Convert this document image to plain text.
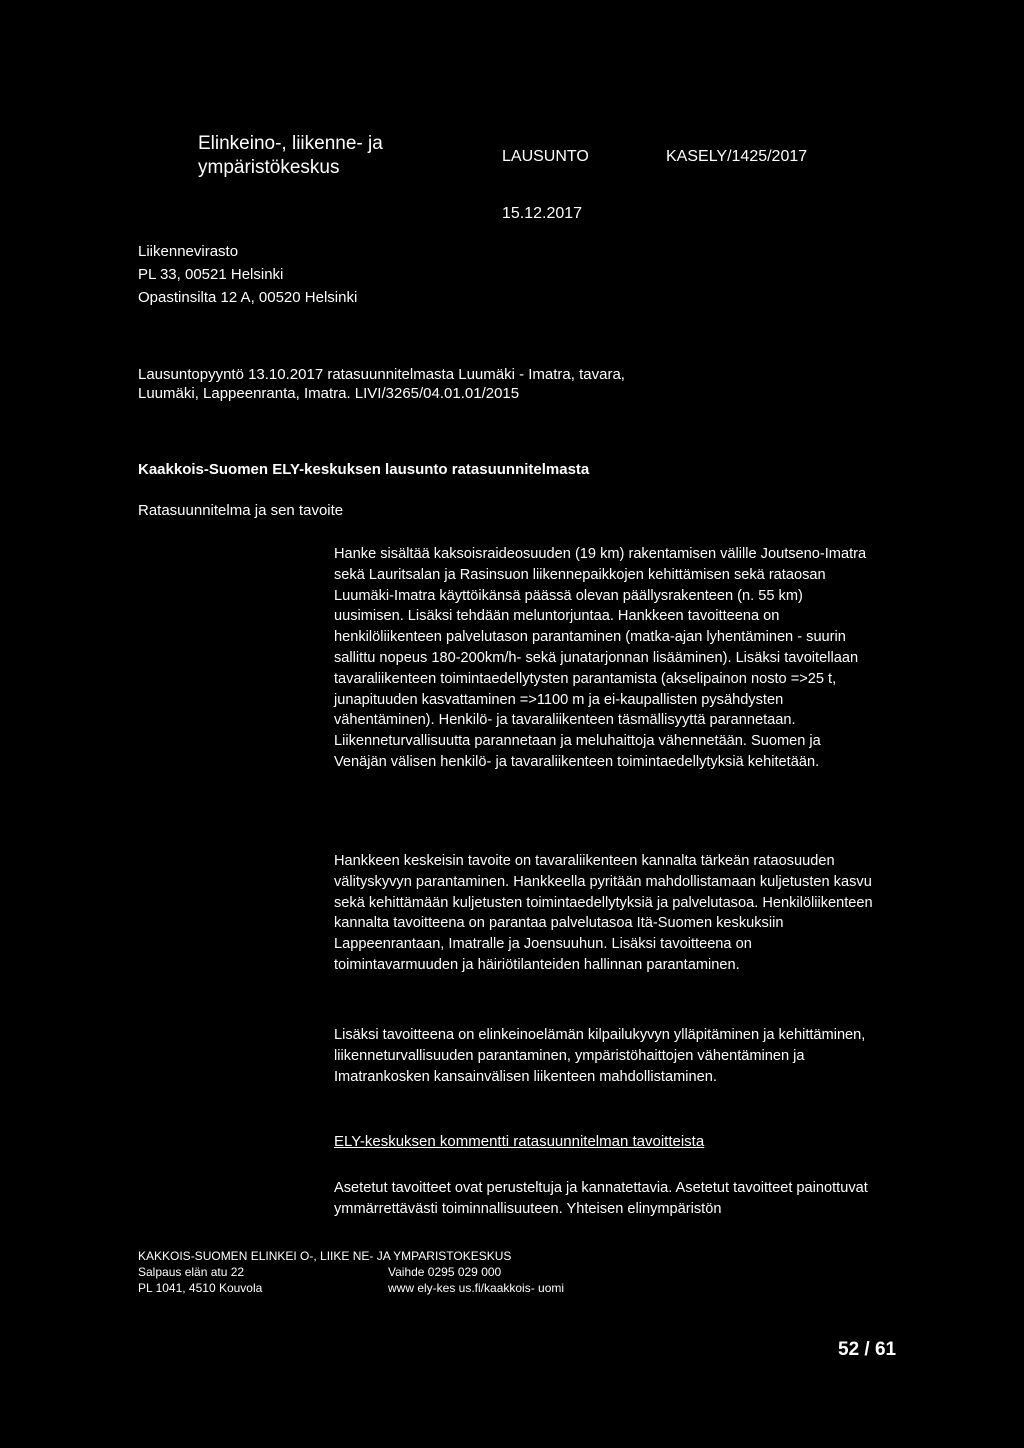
Elinkeino-, liikenne- ja
ympäristökeskus
LAUSUNTO	KASELY/1425/2017
15.12.2017
Liikennevirasto
PL 33, 00521 Helsinki
Opastinsilta 12 A, 00520 Helsinki
Lausuntopyyntö 13.10.2017 ratasuunnitelmasta Luumäki - Imatra, tavara,
Luumäki, Lappeenranta, Imatra. LIVI/3265/04.01.01/2015
Kaakkois-Suomen ELY-keskuksen lausunto ratasuunnitelmasta
Ratasuunnitelma ja sen tavoite
Hanke sisältää kaksoisraideosuuden (19 km) rakentamisen välille Joutseno-Imatra sekä Lauritsalan ja Rasinsuon liikennepaikkojen kehittämisen sekä rataosan Luumäki-Imatra käyttöikänsä päässä olevan päällysrakenteen (n. 55 km) uusimisen. Lisäksi tehdään meluntorjuntaa. Hankkeen tavoitteena on henkilöliikenteen palvelutason parantaminen (matka-ajan lyhentäminen - suurin sallittu nopeus 180-200km/h- sekä junatarjonnan lisääminen). Lisäksi tavoitellaan tavaraliikenteen toimintaedellytysten parantamista (akselipainon nosto =>25 t, junapituuden kasvattaminen =>1100 m ja ei-kaupallisten pysähdysten vähentäminen). Henkilö- ja tavaraliikenteen täsmällisyyttä parannetaan. Liikenneturvallisuutta parannetaan ja meluhaittoja vähennetään. Suomen ja Venäjän välisen henkilö- ja tavaraliikenteen toimintaedellytyksiä kehitetään.
Hankkeen keskeisin tavoite on tavaraliikenteen kannalta tärkeän rataosuuden välityskyvyn parantaminen. Hankkeella pyritään mahdollistamaan kuljetusten kasvu sekä kehittämään kuljetusten toimintaedellytyksiä ja palvelutasoa. Henkilöliikenteen kannalta tavoitteena on parantaa palvelutasoa Itä-Suomen keskuksiin Lappeenrantaan, Imatralle ja Joensuuhun. Lisäksi tavoitteena on toimintavarmuuden ja häiriötilanteiden hallinnan parantaminen.
Lisäksi tavoitteena on elinkeinoelämän kilpailukyvyn ylläpitäminen ja kehittäminen, liikenneturvallisuuden parantaminen, ympäristöhaittojen vähentäminen ja Imatrankosken kansainvälisen liikenteen mahdollistaminen.
ELY-keskuksen kommentti ratasuunnitelman tavoitteista
Asetetut tavoitteet ovat perusteltuja ja kannatettavia. Asetetut tavoitteet painottuvat ymmärrettävästi toiminnallisuuteen. Yhteisen elinympäristön
KAKKOIS-SUOMEN ELINKEI O-, LIIKE NE- JA YMPARISTOKESKUS
Salpaus elän atu 22	Vaihde 0295 029 000
PL 1041, 4510 Kouvola	www ely-kes us.fi/kaakkois- uomi
52 / 61
